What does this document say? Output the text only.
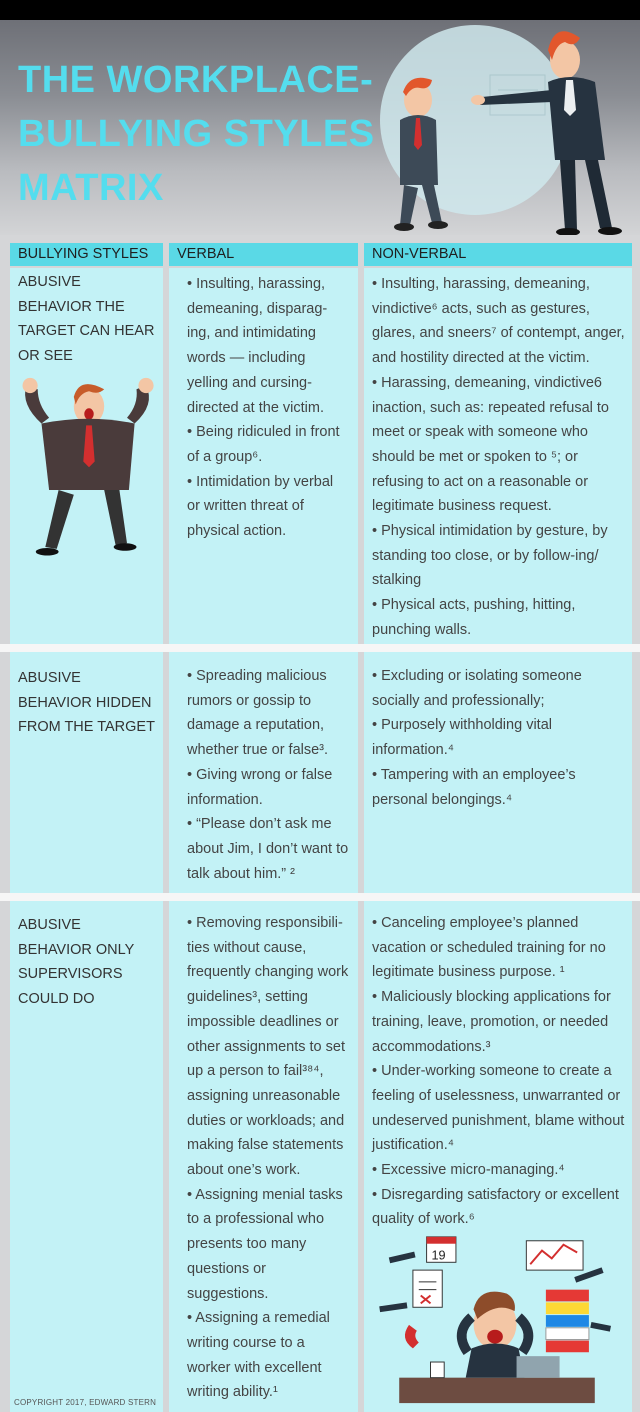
THE WORKPLACE-
BULLYING STYLES
MATRIX
BULLYING STYLES	VERBAL	NON-VERBAL
ABUSIVE BEHAVIOR THE TARGET CAN HEAR OR SEE

• Insulting, harassing, demeaning, disparag-ing, and intimidating words — including yelling and cursing- directed at the victim.

• Being ridiculed in front of a group⁶.

• Intimidation by verbal or written threat of physical action.

• Insulting, harassing, demeaning, vindictive⁶ acts, such as gestures, glares, and sneers⁷ of contempt, anger, and hostility directed at the victim.

• Harassing, demeaning, vindictive6 inaction, such as: repeated refusal to meet or speak with someone who should be met or spoken to ⁵; or refusing to act on a reasonable or legitimate business request.

• Physical intimidation by gesture, by standing too close, or by follow-ing/ stalking

• Physical acts, pushing, hitting, punching walls.

ABUSIVE BEHAVIOR HIDDEN FROM THE TARGET

• Spreading malicious rumors or gossip to damage a reputation, whether true or false³.

• Giving wrong or false information.

• “Please don’t ask me about Jim, I don’t want to talk about him.” ²

• Excluding or isolating someone socially and professionally;

• Purposely withholding vital information.⁴

• Tampering with an employee’s personal belongings.⁴

ABUSIVE BEHAVIOR ONLY SUPERVISORS COULD DO

• Removing responsibili-ties without cause, frequently changing work guidelines³, setting impossible deadlines or other assignments to set up a person to fail³⁸⁴, assigning unreasonable duties or workloads; and making false statements about one’s work.

• Assigning menial tasks to a professional who presents too many questions or suggestions.

• Assigning a remedial writing course to a worker with excellent writing ability.¹

• Canceling employee’s planned vacation or scheduled training for no legitimate business purpose. ¹

• Maliciously blocking applications for training, leave, promotion, or needed accommodations.³

• Under-working someone to create a feeling of uselessness, unwarranted or undeserved punishment, blame without justification.⁴

• Excessive micro-managing.⁴

• Disregarding satisfactory or excellent quality of work.⁶

19
COPYRIGHT 2017, EDWARD STERN
